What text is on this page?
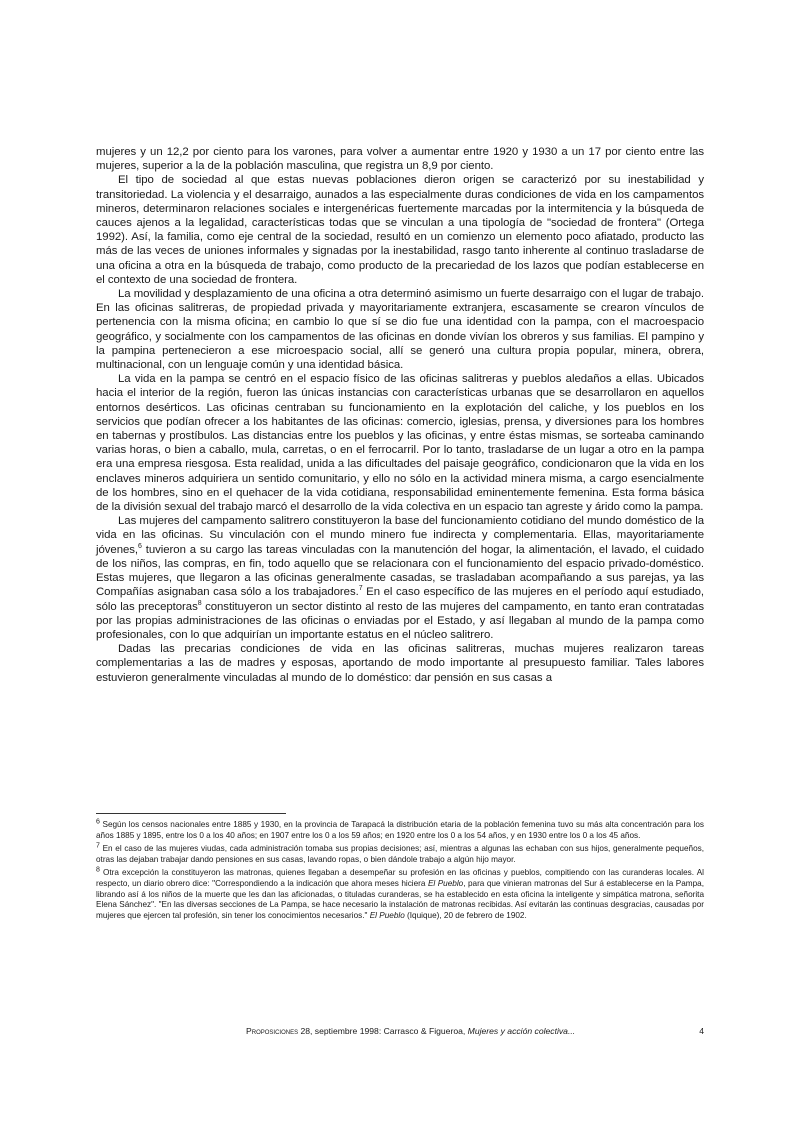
mujeres y un 12,2 por ciento para los varones, para volver a aumentar entre 1920 y 1930 a un 17 por ciento entre las mujeres, superior a la de la población masculina, que registra un 8,9 por ciento.

El tipo de sociedad al que estas nuevas poblaciones dieron origen se caracterizó por su inestabilidad y transitoriedad. La violencia y el desarraigo, aunados a las especialmente duras condiciones de vida en los campamentos mineros, determinaron relaciones sociales e intergenéricas fuertemente marcadas por la intermitencia y la búsqueda de cauces ajenos a la legalidad, características todas que se vinculan a una tipología de "sociedad de frontera" (Ortega 1992). Así, la familia, como eje central de la sociedad, resultó en un comienzo un elemento poco afiatado, producto las más de las veces de uniones informales y signadas por la inestabilidad, rasgo tanto inherente al continuo trasladarse de una oficina a otra en la búsqueda de trabajo, como producto de la precariedad de los lazos que podían establecerse en el contexto de una sociedad de frontera.

La movilidad y desplazamiento de una oficina a otra determinó asimismo un fuerte desarraigo con el lugar de trabajo. En las oficinas salitreras, de propiedad privada y mayoritariamente extranjera, escasamente se crearon vínculos de pertenencia con la misma oficina; en cambio lo que sí se dio fue una identidad con la pampa, con el macroespacio geográfico, y socialmente con los campamentos de las oficinas en donde vivían los obreros y sus familias. El pampino y la pampina pertenecieron a ese microespacio social, allí se generó una cultura propia popular, minera, obrera, multinacional, con un lenguaje común y una identidad básica.

La vida en la pampa se centró en el espacio físico de las oficinas salitreras y pueblos aledaños a ellas. Ubicados hacia el interior de la región, fueron las únicas instancias con características urbanas que se desarrollaron en aquellos entornos desérticos. Las oficinas centraban su funcionamiento en la explotación del caliche, y los pueblos en los servicios que podían ofrecer a los habitantes de las oficinas: comercio, iglesias, prensa, y diversiones para los hombres en tabernas y prostíbulos. Las distancias entre los pueblos y las oficinas, y entre éstas mismas, se sorteaba caminando varias horas, o bien a caballo, mula, carretas, o en el ferrocarril. Por lo tanto, trasladarse de un lugar a otro en la pampa era una empresa riesgosa. Esta realidad, unida a las dificultades del paisaje geográfico, condicionaron que la vida en los enclaves mineros adquiriera un sentido comunitario, y ello no sólo en la actividad minera misma, a cargo esencialmente de los hombres, sino en el quehacer de la vida cotidiana, responsabilidad eminentemente femenina. Esta forma básica de la división sexual del trabajo marcó el desarrollo de la vida colectiva en un espacio tan agreste y árido como la pampa.

Las mujeres del campamento salitrero constituyeron la base del funcionamiento cotidiano del mundo doméstico de la vida en las oficinas. Su vinculación con el mundo minero fue indirecta y complementaria. Ellas, mayoritariamente jóvenes,$^6$ tuvieron a su cargo las tareas vinculadas con la manutención del hogar, la alimentación, el lavado, el cuidado de los niños, las compras, en fin, todo aquello que se relacionara con el funcionamiento del espacio privado-doméstico. Estas mujeres, que llegaron a las oficinas generalmente casadas, se trasladaban acompañando a sus parejas, ya las Compañías asignaban casa sólo a los trabajadores.$^7$ En el caso específico de las mujeres en el período aquí estudiado, sólo las preceptoras$^8$ constituyeron un sector distinto al resto de las mujeres del campamento, en tanto eran contratadas por las propias administraciones de las oficinas o enviadas por el Estado, y así llegaban al mundo de la pampa como profesionales, con lo que adquirían un importante estatus en el núcleo salitrero.

Dadas las precarias condiciones de vida en las oficinas salitreras, muchas mujeres realizaron tareas complementarias a las de madres y esposas, aportando de modo importante al presupuesto familiar. Tales labores estuvieron generalmente vinculadas al mundo de lo doméstico: dar pensión en sus casas a

$^6$ Según los censos nacionales entre 1885 y 1930, en la provincia de Tarapacá la distribución etaria de la población femenina tuvo su más alta concentración para los años 1885 y 1895, entre los 0 a los 40 años; en 1907 entre los 0 a los 59 años; en 1920 entre los 0 a los 54 años, y en 1930 entre los 0 a los 45 años.

$^7$ En el caso de las mujeres viudas, cada administración tomaba sus propias decisiones; así, mientras a algunas las echaban con sus hijos, generalmente pequeños, otras las dejaban trabajar dando pensiones en sus casas, lavando ropas, o bien dándole trabajo a algún hijo mayor.

$^8$ Otra excepción la constituyeron las matronas, quienes llegaban a desempeñar su profesión en las oficinas y pueblos, compitiendo con las curanderas locales. Al respecto, un diario obrero dice: "Correspondiendo a la indicación que ahora meses hiciera El Pueblo, para que vinieran matronas del Sur á establecerse en la Pampa, librando así á los niños de la muerte que les dan las aficionadas, o tituladas curanderas, se ha establecido en esta oficina la inteligente y simpática matrona, señorita Elena Sánchez". "En las diversas secciones de La Pampa, se hace necesario la instalación de matronas recibidas. Así evitarán las continuas desgracias, causadas por mujeres que ejercen tal profesión, sin tener los conocimientos necesarios." El Pueblo (Iquique), 20 de febrero de 1902.

Proposiciones 28, septiembre 1998: Carrasco & Figueroa, Mujeres y acción colectiva...	4
